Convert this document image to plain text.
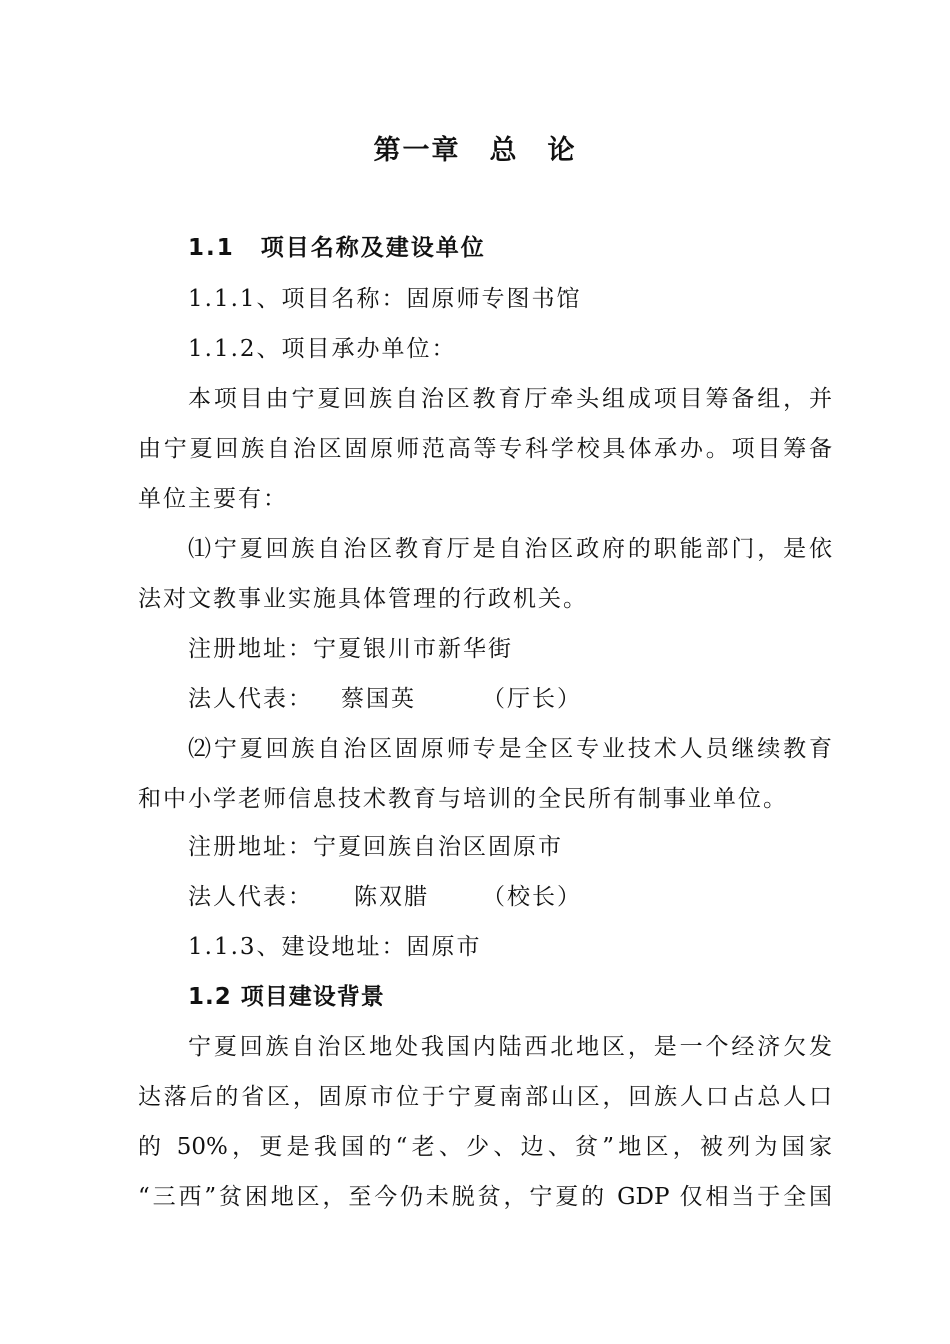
第一章　总　论
1.1 项目名称及建设单位
1.1.1、项目名称：固原师专图书馆
1.1.2、项目承办单位：
本项目由宁夏回族自治区教育厅牵头组成项目筹备组，并
由宁夏回族自治区固原师范高等专科学校具体承办。项目筹备
单位主要有：
⑴宁夏回族自治区教育厅是自治区政府的职能部门，是依
法对文教事业实施具体管理的行政机关。
注册地址：宁夏银川市新华街
法人代表： 蔡国英	（厅长）
⑵宁夏回族自治区固原师专是全区专业技术人员继续教育
和中小学老师信息技术教育与培训的全民所有制事业单位。
注册地址：宁夏回族自治区固原市
法人代表： 陈双腊 （校长）
1.1.3、建设地址：固原市
1.2 项目建设背景
宁夏回族自治区地处我国内陆西北地区，是一个经济欠发
达落后的省区，固原市位于宁夏南部山区，回族人口占总人口
的 50%，更是我国的“老、少、边、贫”地区，被列为国家
“三西”贫困地区，至今仍未脱贫，宁夏的 GDP 仅相当于全国
